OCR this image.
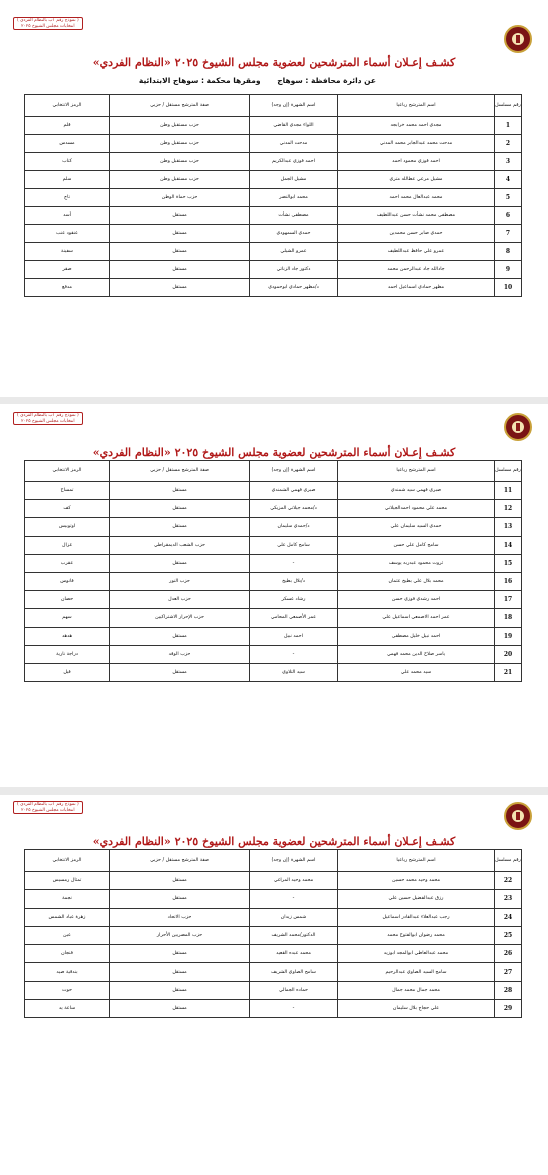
( نموذج رقم ١ب بالنظام الفردي )
انتخابات مجلس الشيوخ ٢٠٢٥
كشـف إعـلان أسماء المترشحين لعضوية مجلس الشيوخ ٢٠٢٥ «النظام الفردي»
عن دائرة محافظة : سوهاج ومقرها محكمة : سوهاج الابتدائية
رقم مسلسل	اسم المترشح رباعيا	اسم الشهرة (إن وجد)	صفة المترشح مستقل / حزبي	الرمز الانتخابي
1	مجدي احمد محمد خرابجه	اللواء مجدي القاضي	حزب مستقبل وطن	قلم
2	مدحت محمد عبدالجابر محمد المدني	مدحت المدني	حزب مستقبل وطن	مسدس
3	احمد فوزي محمود احمد	احمد فوزي عبدالكريم	حزب مستقبل وطن	كتاب
4	مشيل مرعي عطالله متري	مشيل الجمل	حزب مستقبل وطن	سلم
5	محمد عبدالعال محمد احمد	محمد ابوالنصر	حزب حماة الوطن	تاج
6	مصطفى محمد نشأت حسن عبداللطيف	مصطفى نشأت	مستقل	أسد
7	حمدي صابر حسن محمدين	حمدي السمهودي	مستقل	عنقود عنب
8	عمرو علي حافظ عبداللطيف	عمرو الشيلي	مستقل	سفينة
9	جادالله جاد عبدالرحمن محمد	دكتور جاد الزناتي	مستقل	صقر
10	مظهر حمادي اسماعيل احمد	د/مظهر حمادي ابوحمودي	مستقل	مدفع
( نموذج رقم ١ب بالنظام الفردي )
انتخابات مجلس الشيوخ ٢٠٢٥
كشـف إعـلان أسماء المترشحين لعضوية مجلس الشيوخ ٢٠٢٥ «النظام الفردي»
رقم مسلسل	اسم المترشح رباعيا	اسم الشهرة (إن وجد)	صفة المترشح مستقل / حزبي	الرمز الانتخابي
11	صبري فهمي سيد شمندي	صبري فهمي الشمندي	مستقل	تمساح
12	محمد علي محمود احمدالجيلاني	د/محمد جيلاني المزيكي	مستقل	كف
13	حمدي السيد سليمان علي	د/حمدي سليمان	مستقل	اوتوبيس
14	سامح كامل علي حسن	سامح كامل علي	حزب الشعب الديمقراطي	غزال
15	ثروت محمود عبدربه يوسف	-	مستقل	عقرب
16	محمد بلال علي بطيخ عثمان	د/بلال بطيخ	حزب النور	فانوس
17	احمد رشدي فوزي حسن	رشاد عسكر	حزب العدل	حصان
18	عمر احمد الاصمعي اسماعيل علي	عمر الأصمعي المحامي	حزب الإحرار الاشتراكيين	سهم
19	احمد نبيل خليل مصطفى	احمد نبيل	مستقل	هدهد
20	ياسر صلاح الدين محمد فهمي	-	حزب الوفد	دراجة نارية
21	سيد محمد علي	سيد التلاوي	مستقل	فيل
( نموذج رقم ١ب بالنظام الفردي )
انتخابات مجلس الشيوخ ٢٠٢٥
كشـف إعـلان أسماء المترشحين لعضوية مجلس الشيوخ ٢٠٢٥ «النظام الفردي»
رقم مسلسل	اسم المترشح رباعيا	اسم الشهرة (إن وجد)	صفة المترشح مستقل / حزبي	الرمز الانتخابي
22	محمد وحيد محمد حسين	محمد وحيد المراغي	مستقل	تمثال رمسيس
23	رزق عبدالفضيل حسين علي	-	مستقل	نجمة
24	رجب عبدالعلاء عبدالقادر اسماعيل	شمس زيدان	حزب الاتحاد	زهرة عباد الشمس
25	محمد رضوان ابوالفتوح محمد	الدكتور/محمد الشريف	حزب المصريين الأحرار	عين
26	محمد عبدالعاطي ابوالمجد ابوزيد	محمد عبده القعيد	مستقل	فنجان
27	سامح السيد الصاوي عبدالرحيم	سامح الصاوي الشريف	مستقل	بندقية صيد
28	محمد جمال محمد جمال	حماده الجمالي	مستقل	حوت
29	علي حجاج بلال سليمان	-	مستقل	ساعة يد
